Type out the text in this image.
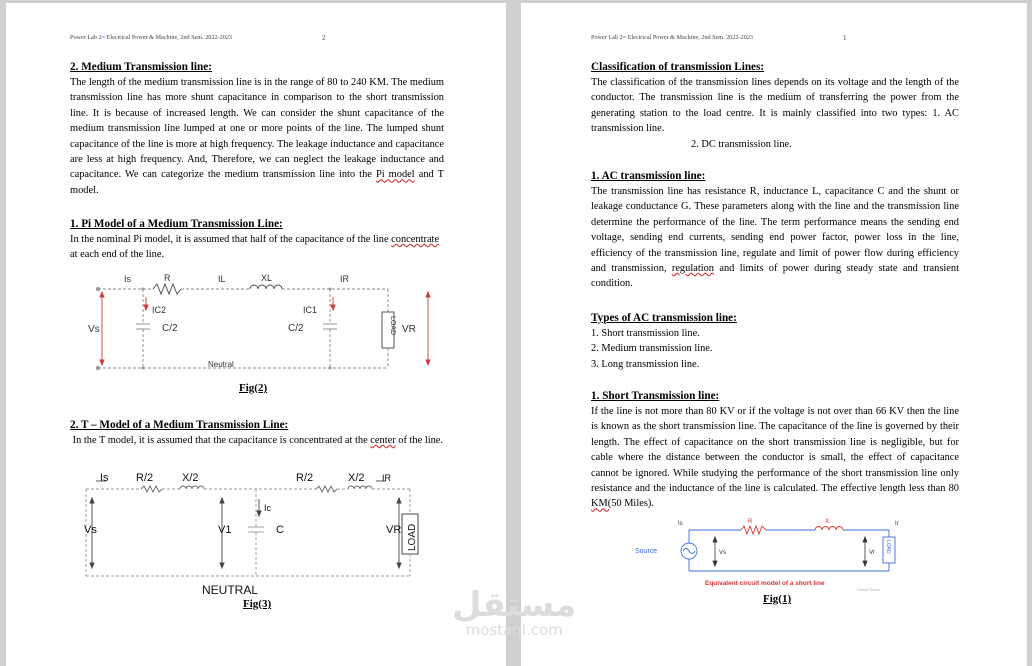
Power Lab 2≈ Electrical Power & Machine, 2nd Sem. 2022-2023	2
2. Medium Transmission line:

The length of the medium transmission line is in the range of 80 to 240 KM. The medium transmission line has more shunt capacitance in comparison to the short transmission line. It is because of increased length. We can consider the shunt capacitance of the medium transmission line lumped at one or more points of the line. The lumped shunt capacitance of the line is more at high frequency. The leakage inductance and capacitance are less at high frequency. And, Therefore, we can neglect the leakage inductance and capacitance. We can categorize the medium transmission line into the Pi model and T model.

1. Pi Model of a Medium Transmission Line:

In the nominal Pi model, it is assumed that half of the capacitance of the line concentrate at each end of the line.

Is	R	IL	XL	IR
IC2	IC1
Vs	C/2	C/2	VR
Neutral
LOAD
Fig(2)
2. T – Model of a Medium Transmission Line:

In the T model, it is assumed that the capacitance is concentrated at the center of the line.

Is R/2	X/2	R/2	X/2 IR
Ic
Vs	V1	C	VR
NEUTRAL
LOAD
Fig(3)
Power Lab 2≈ Electrical Power & Machine, 2nd Sem. 2022-2023	1
Classification of transmission Lines:

The classification of the transmission lines depends on its voltage and the length of the conductor. The transmission line is the medium of transferring the power from the generating station to the load centre. It is mainly classified into two types: 1. AC transmission line.

2. DC transmission line.

1. AC transmission line:

The transmission line has resistance R, inductance L, capacitance C and the shunt or leakage conductance G. These parameters along with the line and the transmission line determine the performance of the line. The term performance means the sending end voltage, sending end currents, sending end power factor, power loss in the line, efficiency of the transmission line, regulate and limit of power flow during efficiency and transmission, regulation and limits of power during steady state and transient condition.

Types of AC transmission line:

1. Short transmission line.

2. Medium transmission line.

3. Long transmission line.

1. Short Transmission line:

If the line is not more than 80 KV or if the voltage is not over than 66 KV then the line is known as the short transmission line. The capacitance of the line is governed by their length. The effect of capacitance on the short transmission line is negligible, but for cable where the distance between the conductor is small, the effect of capacitance cannot be ignored. While studying the performance of the short transmission line only resistance and the inductance of the line is calculated. The effective length less than 80 KM(50 Miles).

Is	R	X	Ir
Source	Vs	Vr LOAD
Equivalent circuit model of a short line
Circuit Globe
Fig(1)
مستقل
mostaql.com
